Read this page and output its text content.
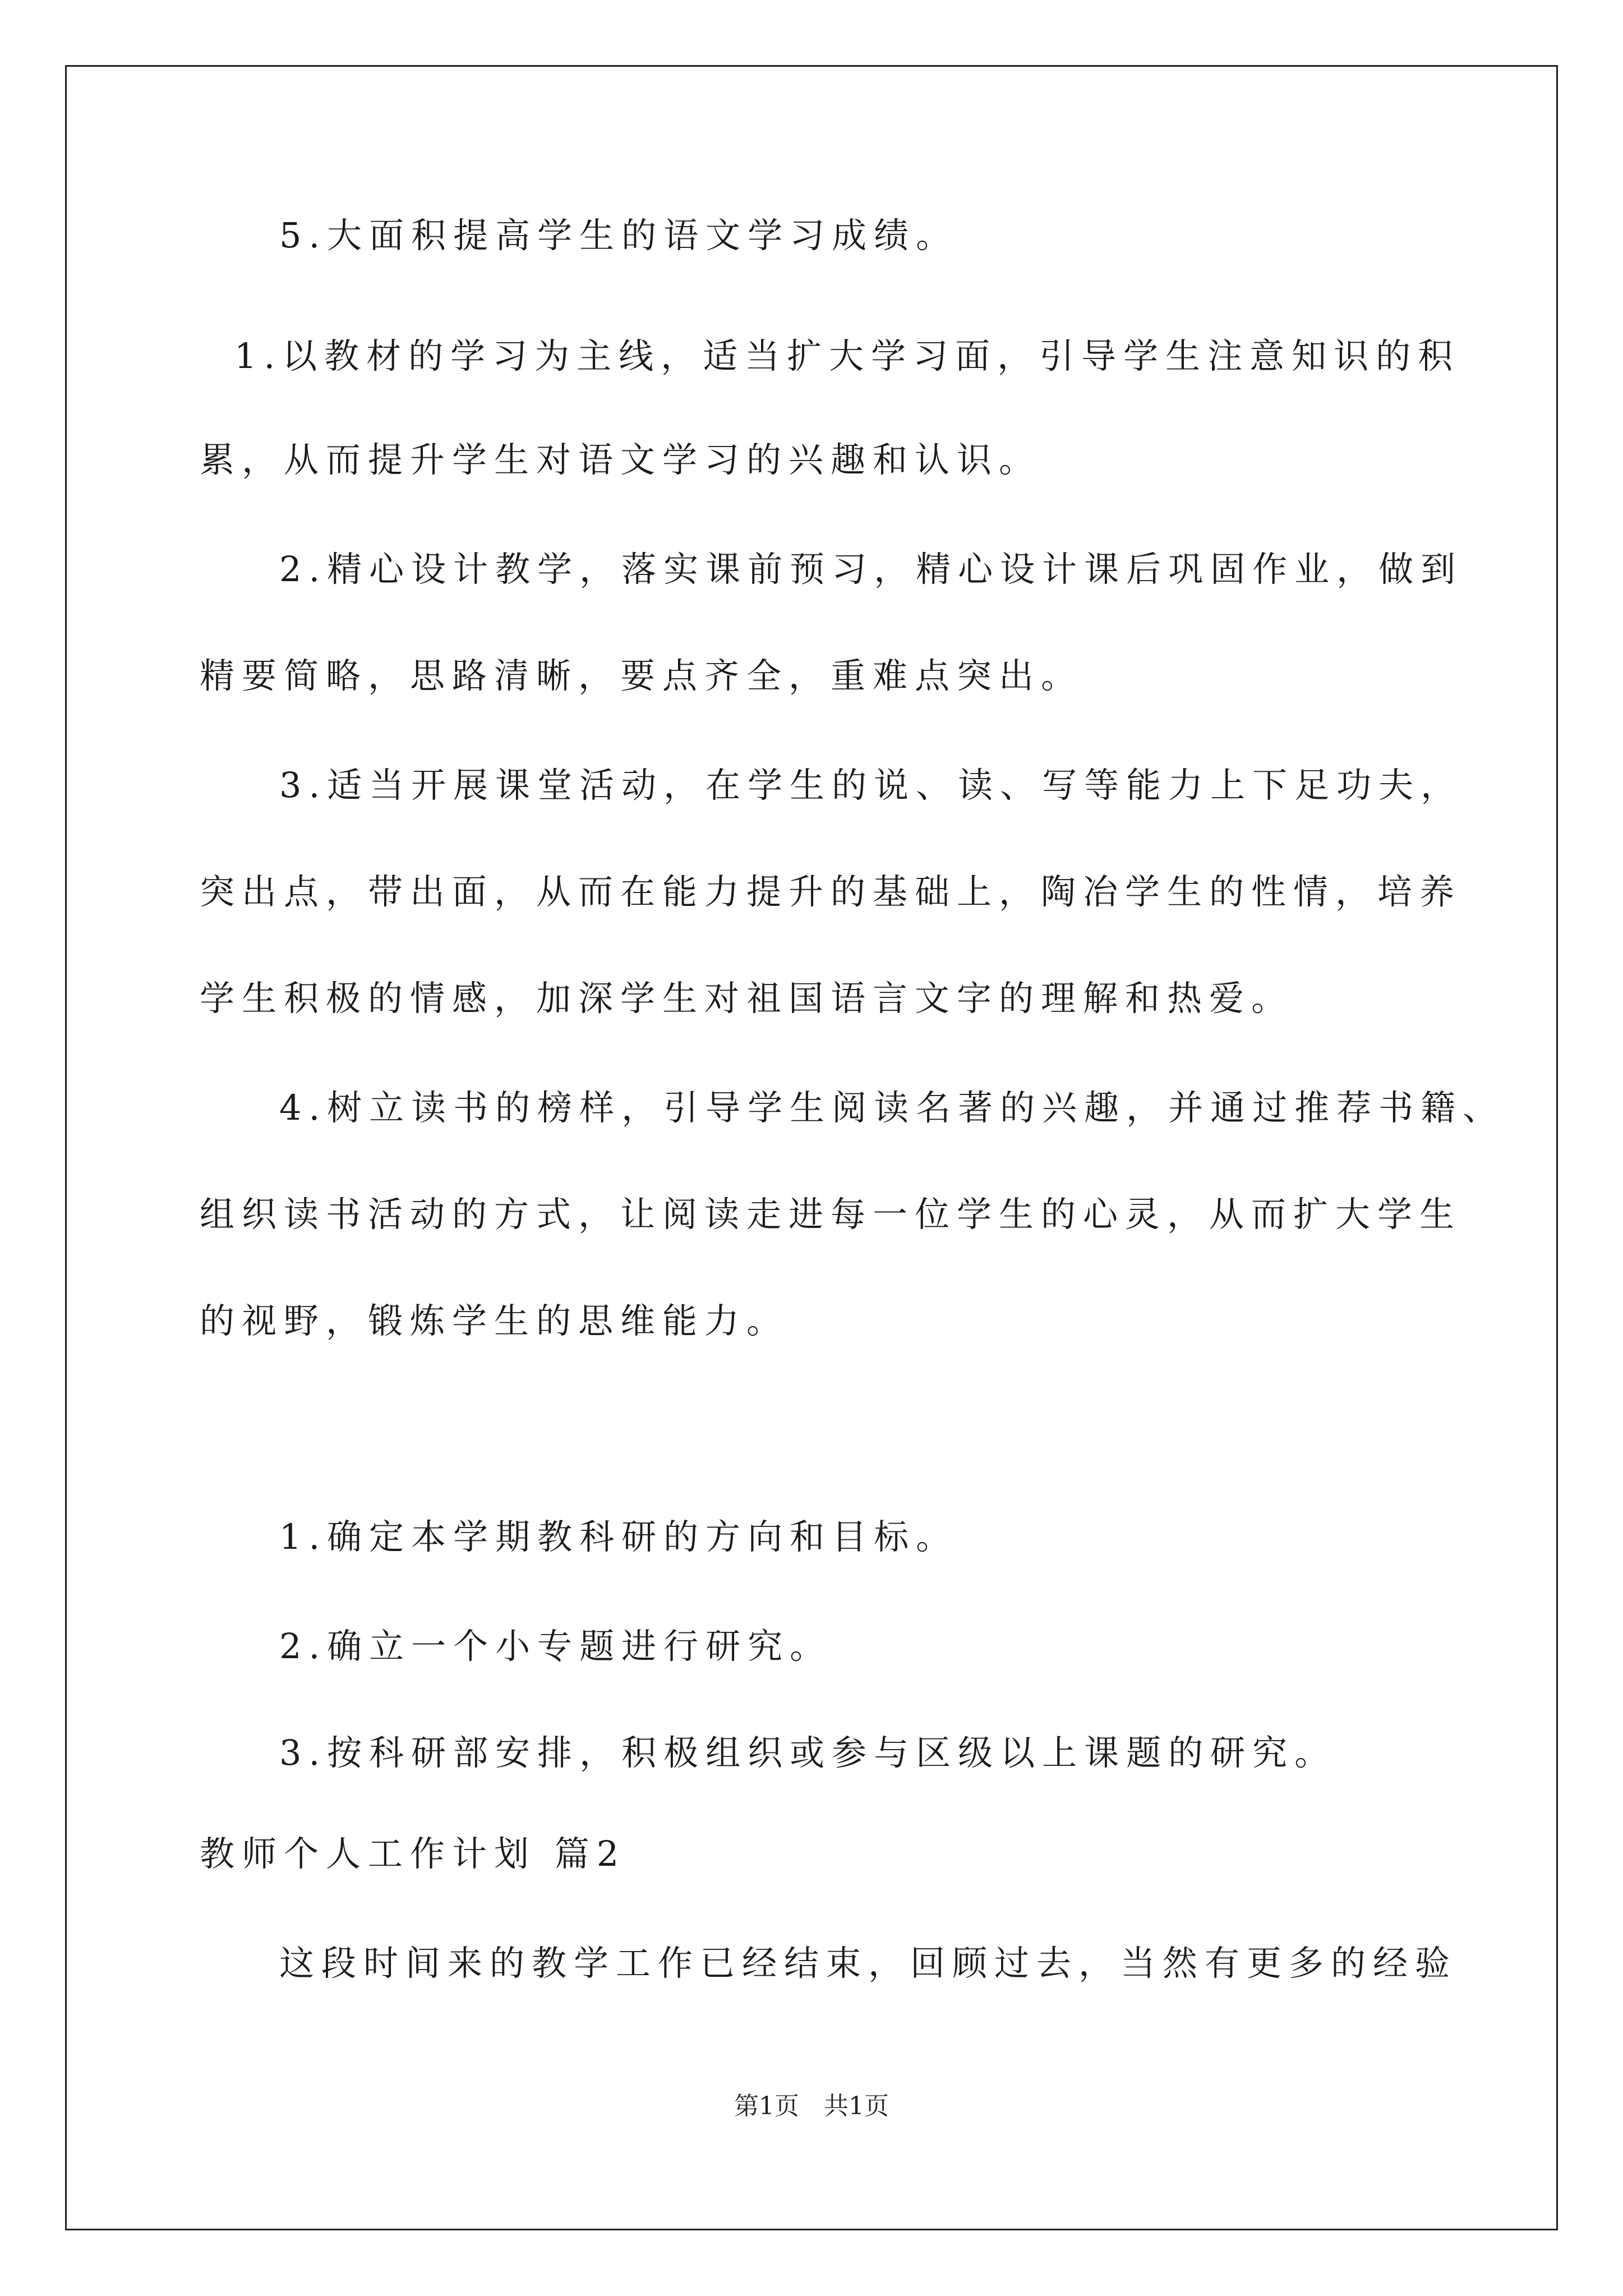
5.大面积提高学生的语文学习成绩。
1.以教材的学习为主线，适当扩大学习面，引导学生注意知识的积
累，从而提升学生对语文学习的兴趣和认识。
2.精心设计教学，落实课前预习，精心设计课后巩固作业，做到
精要简略，思路清晰，要点齐全，重难点突出。
3.适当开展课堂活动，在学生的说、读、写等能力上下足功夫，
突出点，带出面，从而在能力提升的基础上，陶冶学生的性情，培养
学生积极的情感，加深学生对祖国语言文字的理解和热爱。
4.树立读书的榜样，引导学生阅读名著的兴趣，并通过推荐书籍、
组织读书活动的方式，让阅读走进每一位学生的心灵，从而扩大学生
的视野，锻炼学生的思维能力。
1.确定本学期教科研的方向和目标。
2.确立一个小专题进行研究。
3.按科研部安排，积极组织或参与区级以上课题的研究。
教师个人工作计划 篇2
这段时间来的教学工作已经结束，回顾过去，当然有更多的经验
第1页　共1页
